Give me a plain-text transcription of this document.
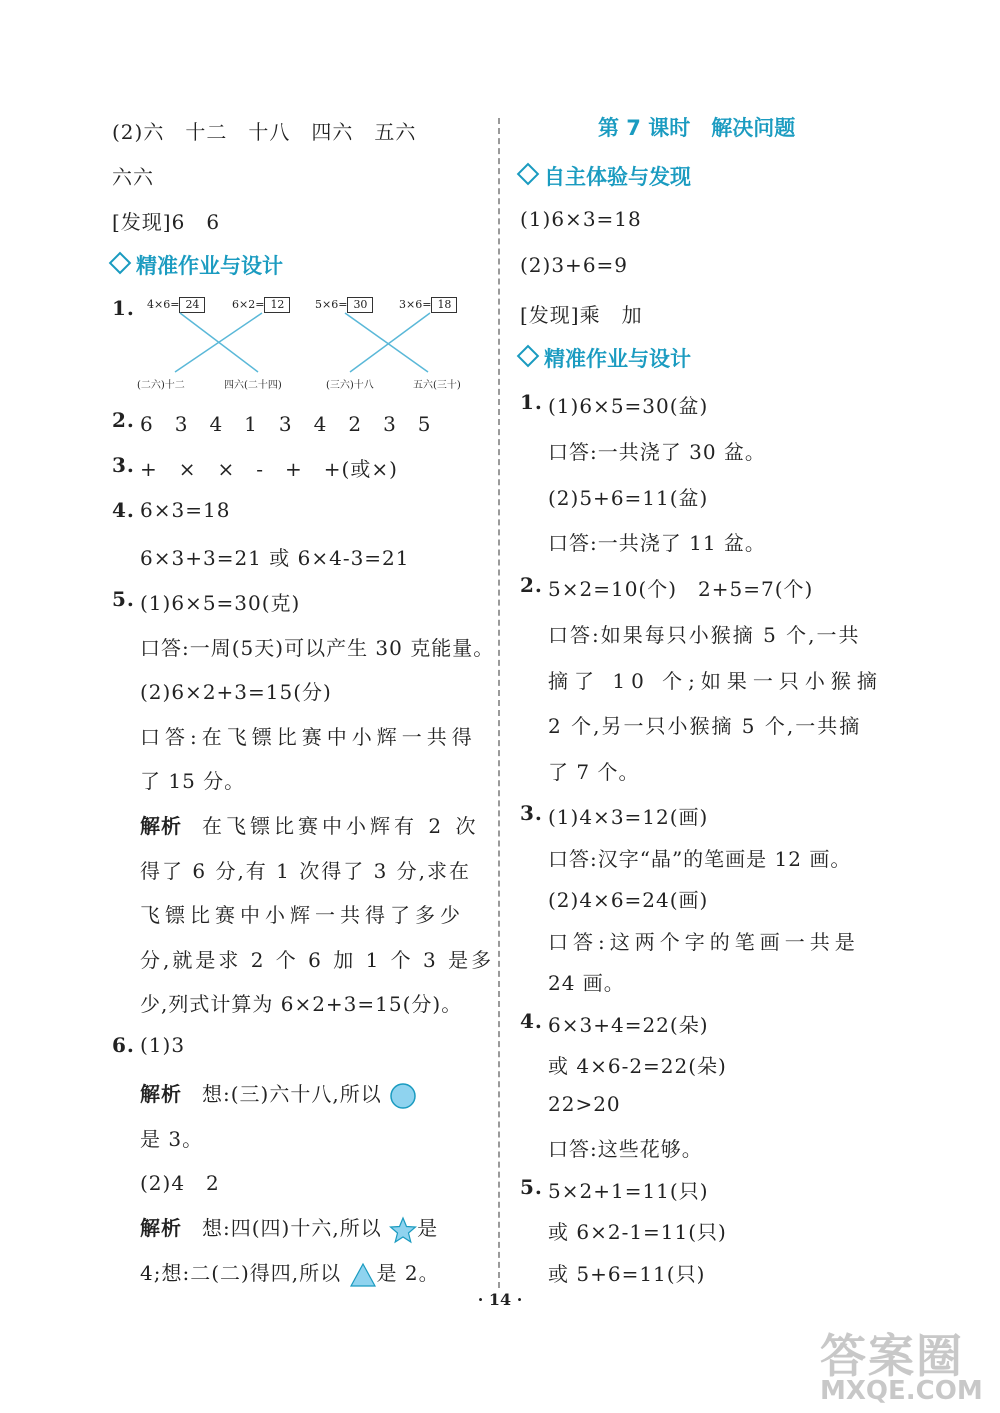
(2)六　十二　十八　四六　五六
六六
[发现]6　6
精准作业与设计
1. 4×6= 24	6×2= 12	5×6= 30	3×6= 18
(二六)十二	四六(二十四)	(三六)十八	五六(三十)
2. 6　3　4　1　3　4　2　3　5
3. +　×　×　-　+　+(或×)
4. 6×3=18
6×3+3=21 或 6×4-3=21
5. (1)6×5=30(克)
口答:一周(5天)可以产生 30 克能量。
(2)6×2+3=15(分)
口答:在飞镖比赛中小辉一共得
了 15 分。
解析 在飞镖比赛中小辉有 2 次
得了 6 分,有 1 次得了 3 分,求在
飞镖比赛中小辉一共得了多少
分,就是求 2 个 6 加 1 个 3 是多
少,列式计算为 6×2+3=15(分)。
6. (1)3
解析 想:(三)六十八,所以
是 3。
(2)4　2
解析 想:四(四)十六,所以 是
4;想:二(二)得四,所以 是 2。
第 7 课时　解决问题
自主体验与发现
(1)6×3=18
(2)3+6=9
[发现]乘　加
精准作业与设计
1. (1)6×5=30(盆)
口答:一共浇了 30 盆。
(2)5+6=11(盆)
口答:一共浇了 11 盆。
2. 5×2=10(个)　2+5=7(个)
口答:如果每只小猴摘 5 个,一共
摘了 10 个;如果一只小猴摘
2 个,另一只小猴摘 5 个,一共摘
了 7 个。
3. (1)4×3=12(画)
口答:汉字“晶”的笔画是 12 画。
(2)4×6=24(画)
口答:这两个字的笔画一共是
24 画。
4. 6×3+4=22(朵)
或 4×6-2=22(朵)
22>20
口答:这些花够。
5. 5×2+1=11(只)
或 6×2-1=11(只)
或 5+6=11(只)
· 14 ·
答案圈
MXQE.COM
